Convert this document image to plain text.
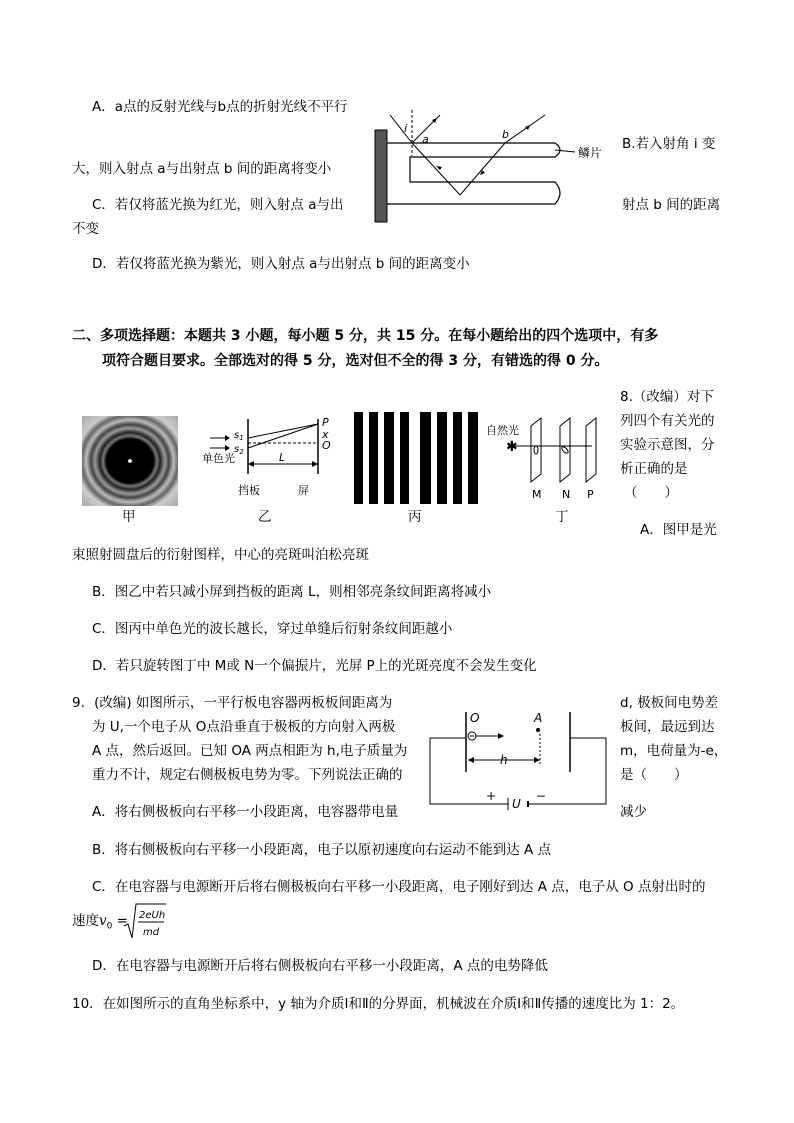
A．a点的反射光线与b点的折射光线不平行
B.若入射角 i 变
大，则入射点 a与出射点 b 间的距离将变小
C．若仅将蓝光换为红光，则入射点 a与出	射点 b 间的距离
不变
D．若仅将蓝光换为紫光，则入射点 a与出射点 b 间的距离变小
i
a	b
鳞片
二、多项选择题：本题共 3 小题，每小题 5 分，共 15 分。在每小题给出的四个选项中，有多
项符合题目要求。全部选对的得 5 分，选对但不全的得 3 分，有错选的得 0 分。
8.（改编）对下
列四个有关光的
实验示意图，分
析正确的是
（　　）
甲
$s_1$
$s_2$
单色光
P
x
O
L
挡板	屏
乙	丙
自然光
✱
M N P
丁
A．图甲是光
束照射圆盘后的衍射图样，中心的亮斑叫泊松亮斑
B．图乙中若只减小屏到挡板的距离 L，则相邻亮条纹间距离将减小
C．图丙中单色光的波长越长，穿过单缝后衍射条纹间距越小
D．若只旋转图丁中 M或 N一个偏振片，光屏 P上的光斑亮度不会发生变化
9．(改编) 如图所示，一平行板电容器两板板间距离为	d, 极板间电势差
为 U,一个电子从 O点沿垂直于极板的方向射入两极	板间，最远到达
A 点，然后返回。已知 OA 两点相距为 h,电子质量为	m，电荷量为-e，
重力不计，规定右侧极板电势为零。下列说法正确的	是（　　）
A．将右侧极板向右平移一小段距离，电容器带电量	减少
O	A
h
+
U
−
B．将右侧极板向右平移一小段距离，电子以原初速度向右运动不能到达 A 点
C．在电容器与电源断开后将右侧极板向右平移一小段距离，电子刚好到达 A 点，电子从 O 点射出时的
速度$v_0 = 2eUh$
md
D．在电容器与电源断开后将右侧极板向右平移一小段距离，A 点的电势降低
10．在如图所示的直角坐标系中，y 轴为介质Ⅰ和Ⅱ的分界面，机械波在介质Ⅰ和Ⅱ传播的速度比为 1：2。
